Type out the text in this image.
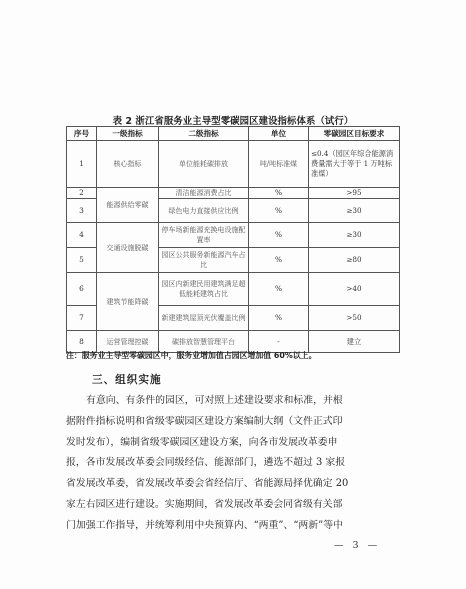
表 2 浙江省服务业主导型零碳园区建设指标体系（试行）
序号	一级指标	二级指标	单位	零碳园区目标要求
1	核心指标	单位能耗碳排放	吨/吨标准煤	≤0.4（园区年综合能源消费量需大于等于 1 万吨标准煤）
2	能源供给零碳	清洁能源消费占比	%	>95
3		绿色电力直接供应比例	%	≥30
4	交通设施脱碳	停车场新能源充换电设施配置率	%	≥30
5		园区公共服务新能源汽车占比	%	≥80
6	建筑节能降碳	园区内新建民用建筑满足超低能耗建筑占比	%	>40
7		新建建筑屋顶光伏覆盖比例	%	>50
8	运营管理控碳	碳排放智慧管理平台	-	建立
注：服务业主导型零碳园区中，服务业增加值占园区增加值 60%以上。
三、组织实施

有意向、有条件的园区，可对照上述建设要求和标准，并根

据附件指标说明和省级零碳园区建设方案编制大纲（文件正式印

发时发布），编制省级零碳园区建设方案，向各市发展改革委申

报，各市发展改革委会同级经信、能源部门，遴选不超过 3 家报

省发展改革委，省发展改革委会省经信厅、省能源局择优确定 20

家左右园区进行建设。实施期间，省发展改革委会同省级有关部

门加强工作指导，并统筹利用中央预算内、“两重”、“两新”等中

— 3 —
